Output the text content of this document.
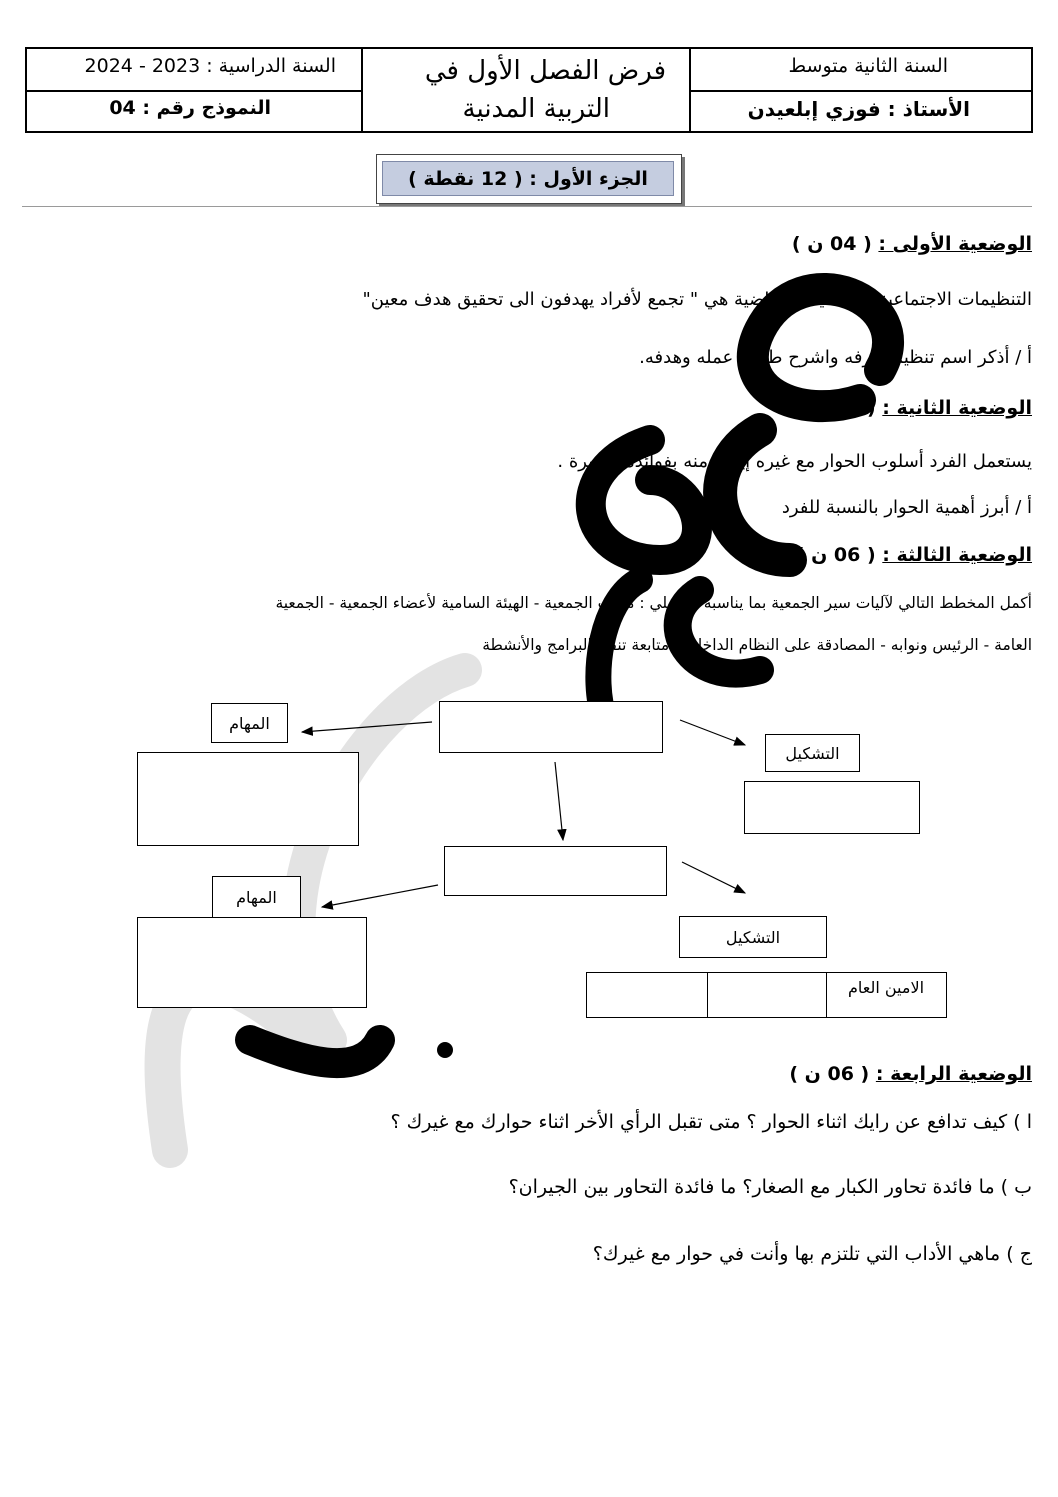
السنة الثانية متوسط
الأستاذ : فوزي إبلعيدن
فرض الفصل الأول في
التربية المدنية
السنة الدراسية : 2023 - 2024
النموذج رقم : 04
الجزء الأول : ( 12 نقطة )
الوضعية الأولى : ( 04 ن )
التنظيمات الاجتماعية والثقافية والرياضية هي " تجمع لأفراد يهدفون الى تحقيق هدف معين"
أ / أذكر اسم تنظيم تعرفه واشرح طبيعة عمله وهدفه.
الوضعية الثانية : ( 02 ن )
يستعمل الفرد أسلوب الحوار مع غيره إيمانا منه بفوائده الكثيرة .
أ / أبرز أهمية الحوار بالنسبة للفرد
الوضعية الثالثة : ( 06 ن )
أكمل المخطط التالي لآليات سير الجمعية بما يناسبه مما يلي : مكتب الجمعية - الهيئة السامية لأعضاء الجمعية - الجمعية
العامة - الرئيس ونوابه - المصادقة على النظام الداخلي - متابعة تنفيذ البرامج والأنشطة
المهام
التشكيل
المهام
التشكيل
الامين العام
الوضعية الرابعة : ( 06 ن )
ا ) كيف تدافع عن رايك اثناء الحوار ؟ متى تقبل الرأي الأخر اثناء حوارك مع غيرك ؟
ب ) ما فائدة تحاور الكبار مع الصغار؟ ما فائدة التحاور بين الجيران؟
ج ) ماهي الأداب التي تلتزم بها وأنت في حوار مع غيرك؟
